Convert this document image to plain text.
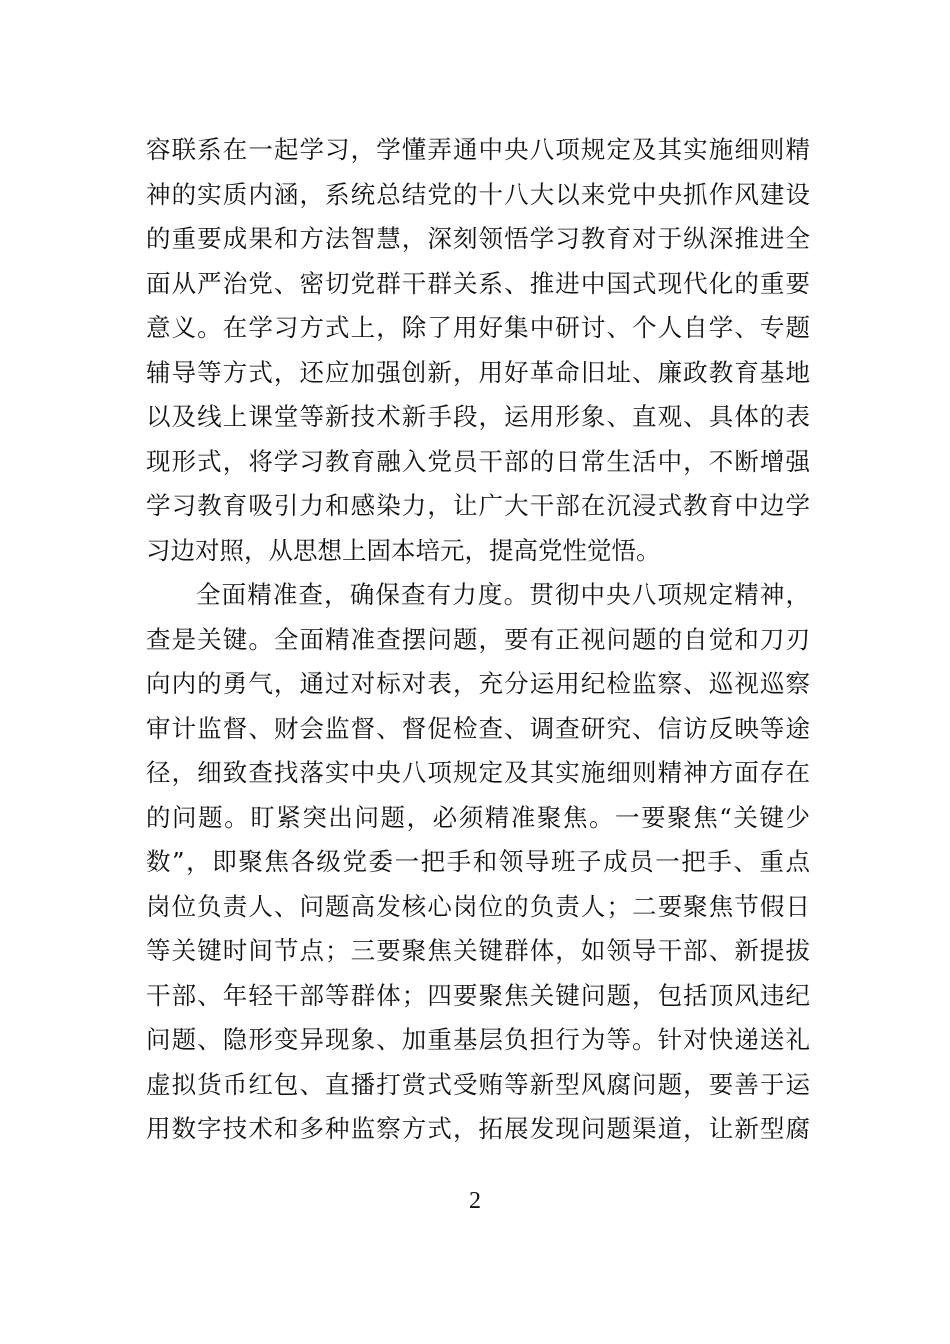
容联系在一起学习，学懂弄通中央八项规定及其实施细则精
神的实质内涵，系统总结党的十八大以来党中央抓作风建设
的重要成果和方法智慧，深刻领悟学习教育对于纵深推进全
面从严治党、密切党群干群关系、推进中国式现代化的重要
意义。在学习方式上，除了用好集中研讨、个人自学、专题
辅导等方式，还应加强创新，用好革命旧址、廉政教育基地
以及线上课堂等新技术新手段，运用形象、直观、具体的表
现形式，将学习教育融入党员干部的日常生活中，不断增强
学习教育吸引力和感染力，让广大干部在沉浸式教育中边学
习边对照，从思想上固本培元，提高党性觉悟。
全面精准查，确保查有力度。贯彻中央八项规定精神，
查是关键。全面精准查摆问题，要有正视问题的自觉和刀刃
向内的勇气，通过对标对表，充分运用纪检监察、巡视巡察
审计监督、财会监督、督促检查、调查研究、信访反映等途
径，细致查找落实中央八项规定及其实施细则精神方面存在
的问题。盯紧突出问题，必须精准聚焦。一要聚焦“关键少
数”，即聚焦各级党委一把手和领导班子成员一把手、重点
岗位负责人、问题高发核心岗位的负责人；二要聚焦节假日
等关键时间节点；三要聚焦关键群体，如领导干部、新提拔
干部、年轻干部等群体；四要聚焦关键问题，包括顶风违纪
问题、隐形变异现象、加重基层负担行为等。针对快递送礼
虚拟货币红包、直播打赏式受贿等新型风腐问题，要善于运
用数字技术和多种监察方式，拓展发现问题渠道，让新型腐
2
